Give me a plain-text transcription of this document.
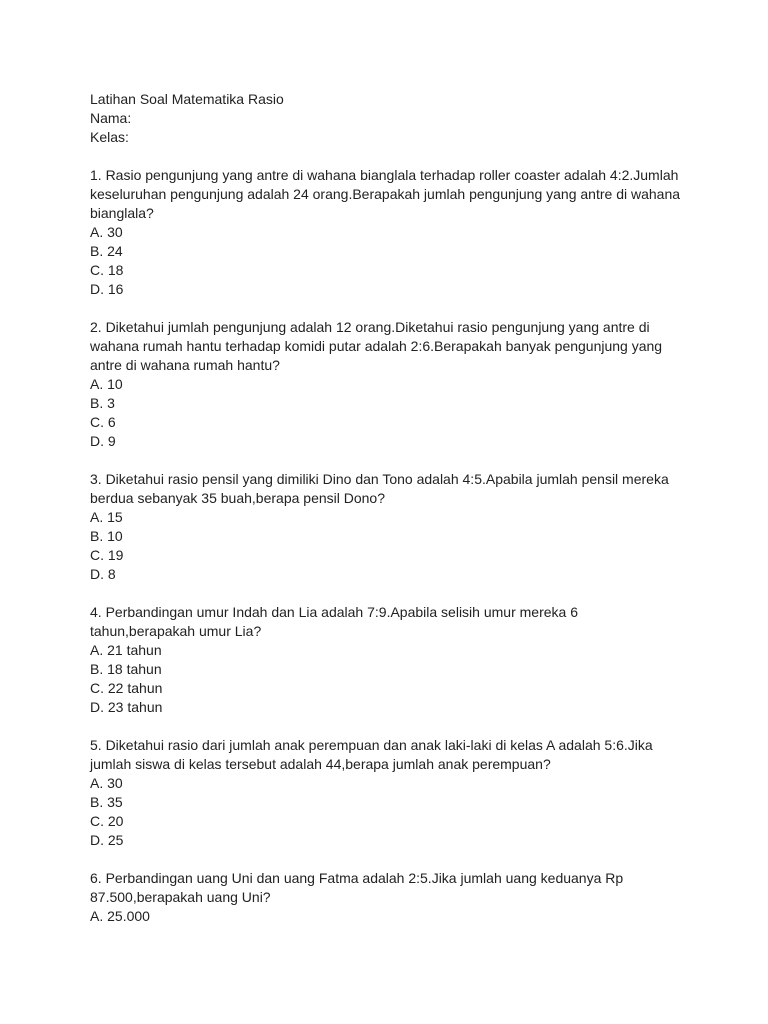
Latihan Soal Matematika Rasio
Nama:
Kelas:
1. Rasio pengunjung yang antre di wahana bianglala terhadap roller coaster adalah 4:2.Jumlah
keseluruhan pengunjung adalah 24 orang.Berapakah jumlah pengunjung yang antre di wahana
bianglala?
A. 30
B. 24
C. 18
D. 16
2. Diketahui jumlah pengunjung adalah 12 orang.Diketahui rasio pengunjung yang antre di
wahana rumah hantu terhadap komidi putar adalah 2:6.Berapakah banyak pengunjung yang
antre di wahana rumah hantu?
A. 10
B. 3
C. 6
D. 9
3. Diketahui rasio pensil yang dimiliki Dino dan Tono adalah 4:5.Apabila jumlah pensil mereka
berdua sebanyak 35 buah,berapa pensil Dono?
A. 15
B. 10
C. 19
D. 8
4. Perbandingan umur Indah dan Lia adalah 7:9.Apabila selisih umur mereka 6
tahun,berapakah umur Lia?
A. 21 tahun
B. 18 tahun
C. 22 tahun
D. 23 tahun
5. Diketahui rasio dari jumlah anak perempuan dan anak laki-laki di kelas A adalah 5:6.Jika
jumlah siswa di kelas tersebut adalah 44,berapa jumlah anak perempuan?
A. 30
B. 35
C. 20
D. 25
6. Perbandingan uang Uni dan uang Fatma adalah 2:5.Jika jumlah uang keduanya Rp
87.500,berapakah uang Uni?
A. 25.000
